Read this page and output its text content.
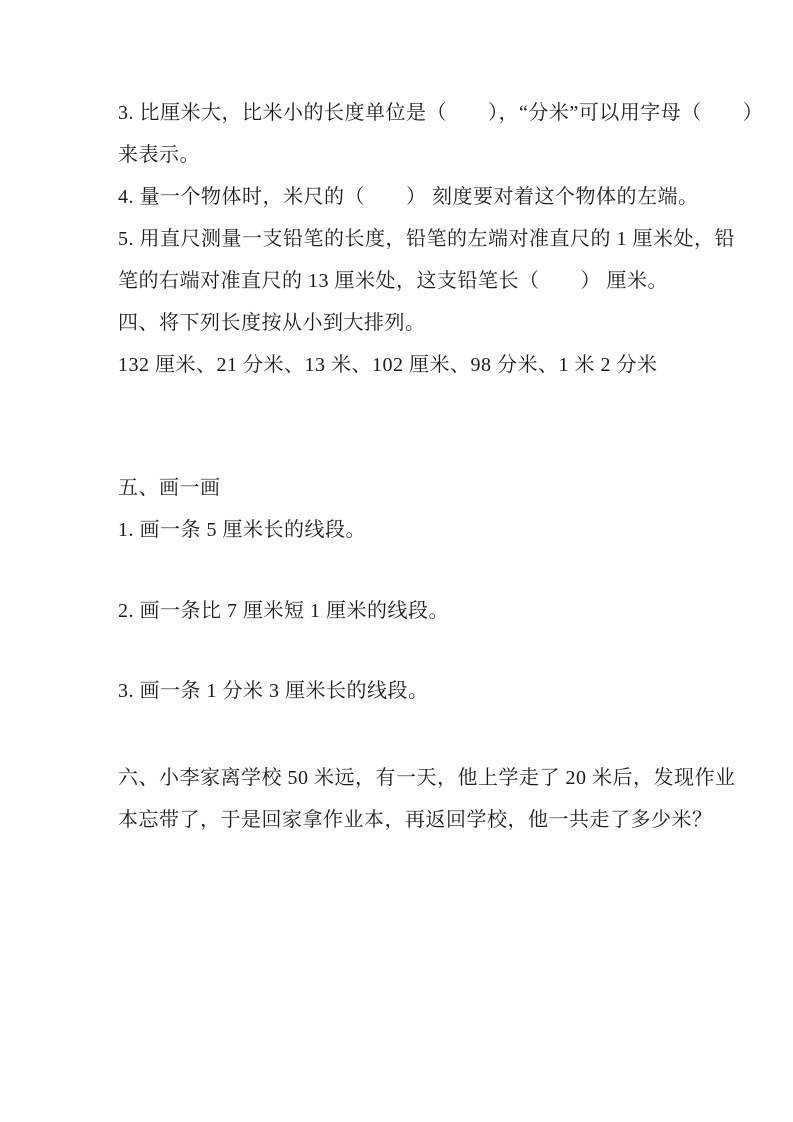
3. 比厘米大，比米小的长度单位是（　　），“分米”可以用字母（　　）
来表示。
4. 量一个物体时，米尺的（　　） 刻度要对着这个物体的左端。
5. 用直尺测量一支铅笔的长度，铅笔的左端对准直尺的 1 厘米处，铅
笔的右端对准直尺的 13 厘米处，这支铅笔长（　　） 厘米。
四、将下列长度按从小到大排列。
132 厘米、21 分米、13 米、102 厘米、98 分米、1 米 2 分米
五、画一画
1. 画一条 5 厘米长的线段。
2. 画一条比 7 厘米短 1 厘米的线段。
3. 画一条 1 分米 3 厘米长的线段。
六、小李家离学校 50 米远，有一天，他上学走了 20 米后，发现作业
本忘带了，于是回家拿作业本，再返回学校，他一共走了多少米？
